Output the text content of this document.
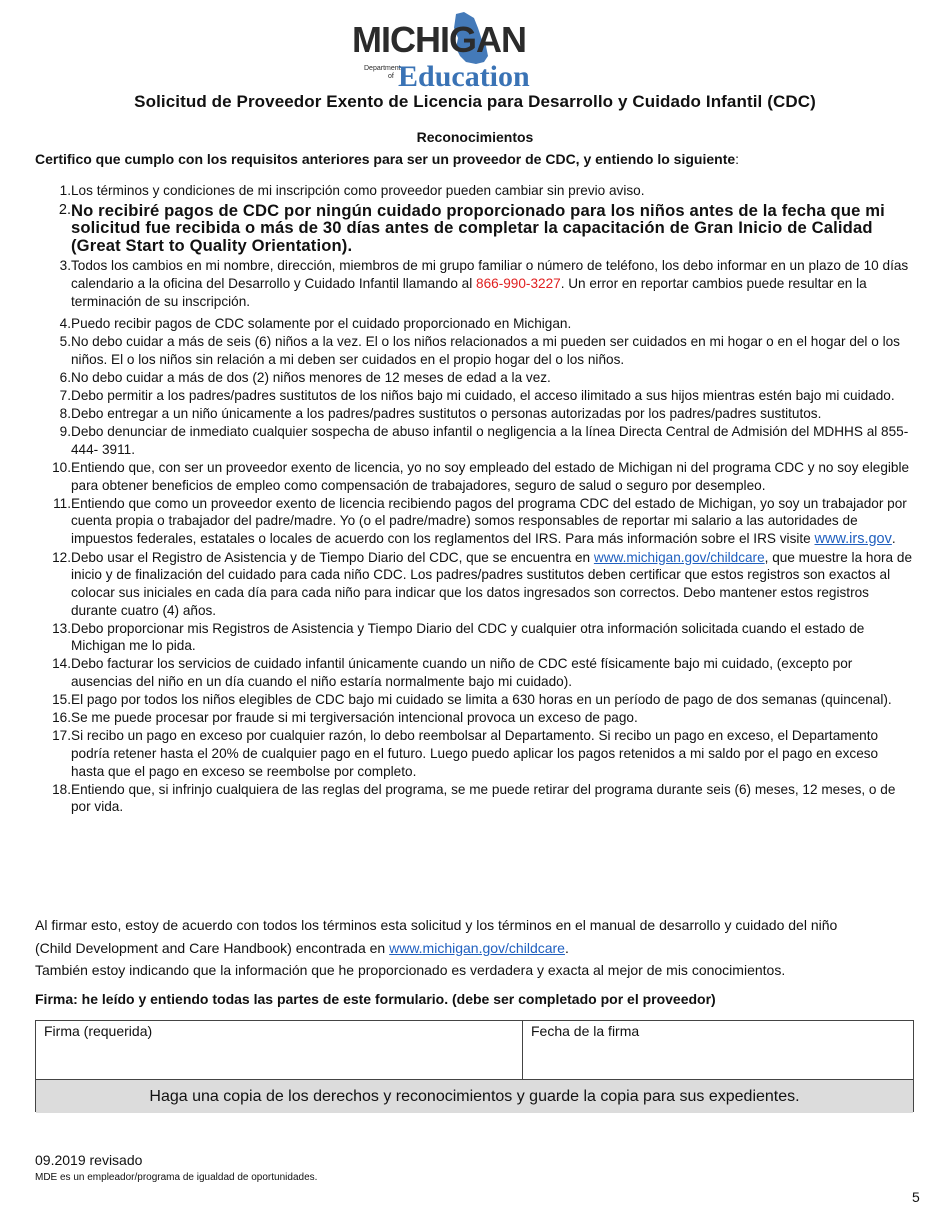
MICHIGAN
Department
of Education
Solicitud de Proveedor Exento de Licencia para Desarrollo y Cuidado Infantil (CDC)
Reconocimientos
Certifico que cumplo con los requisitos anteriores para ser un proveedor de CDC, y entiendo lo siguiente:
1. Los términos y condiciones de mi inscripción como proveedor pueden cambiar sin previo aviso.
2. No recibiré pagos de CDC por ningún cuidado proporcionado para los niños antes de la fecha que mi solicitud fue recibida o más de 30 días antes de completar la capacitación de Gran Inicio de Calidad (Great Start to Quality Orientation).
3. Todos los cambios en mi nombre, dirección, miembros de mi grupo familiar o número de teléfono, los debo informar en un plazo de 10 días calendario a la oficina del Desarrollo y Cuidado Infantil llamando al 866-990-3227. Un error en reportar cambios puede resultar en la terminación de su inscripción.
4. Puedo recibir pagos de CDC solamente por el cuidado proporcionado en Michigan.
5. No debo cuidar a más de seis (6) niños a la vez. El o los niños relacionados a mi pueden ser cuidados en mi hogar o en el hogar del o los niños. El o los niños sin relación a mi deben ser cuidados en el propio hogar del o los niños.
6. No debo cuidar a más de dos (2) niños menores de 12 meses de edad a la vez.
7. Debo permitir a los padres/padres sustitutos de los niños bajo mi cuidado, el acceso ilimitado a sus hijos mientras estén bajo mi cuidado.
8. Debo entregar a un niño únicamente a los padres/padres sustitutos o personas autorizadas por los padres/padres sustitutos.
9. Debo denunciar de inmediato cualquier sospecha de abuso infantil o negligencia a la línea Directa Central de Admisión del MDHHS al 855-444- 3911.
10. Entiendo que, con ser un proveedor exento de licencia, yo no soy empleado del estado de Michigan ni del programa CDC y no soy elegible para obtener beneficios de empleo como compensación de trabajadores, seguro de salud o seguro por desempleo.
11. Entiendo que como un proveedor exento de licencia recibiendo pagos del programa CDC del estado de Michigan, yo soy un trabajador por cuenta propia o trabajador del padre/madre. Yo (o el padre/madre) somos responsables de reportar mi salario a las autoridades de impuestos federales, estatales o locales de acuerdo con los reglamentos del IRS. Para más información sobre el IRS visite www.irs.gov.
12. Debo usar el Registro de Asistencia y de Tiempo Diario del CDC, que se encuentra en www.michigan.gov/childcare, que muestre la hora de inicio y de finalización del cuidado para cada niño CDC. Los padres/padres sustitutos deben certificar que estos registros son exactos al colocar sus iniciales en cada día para cada niño para indicar que los datos ingresados son correctos. Debo mantener estos registros durante cuatro (4) años.
13. Debo proporcionar mis Registros de Asistencia y Tiempo Diario del CDC y cualquier otra información solicitada cuando el estado de Michigan me lo pida.
14. Debo facturar los servicios de cuidado infantil únicamente cuando un niño de CDC esté físicamente bajo mi cuidado, (excepto por ausencias del niño en un día cuando el niño estaría normalmente bajo mi cuidado).
15. El pago por todos los niños elegibles de CDC bajo mi cuidado se limita a 630 horas en un período de pago de dos semanas (quincenal).
16. Se me puede procesar por fraude si mi tergiversación intencional provoca un exceso de pago.
17. Si recibo un pago en exceso por cualquier razón, lo debo reembolsar al Departamento. Si recibo un pago en exceso, el Departamento podría retener hasta el 20% de cualquier pago en el futuro. Luego puedo aplicar los pagos retenidos a mi saldo por el pago en exceso hasta que el pago en exceso se reembolse por completo.
18. Entiendo que, si infrinjo cualquiera de las reglas del programa, se me puede retirar del programa durante seis (6) meses, 12 meses, o de por vida.
Al firmar esto, estoy de acuerdo con todos los términos esta solicitud y los términos en el manual de desarrollo y cuidado del niño
(Child Development and Care Handbook) encontrada en www.michigan.gov/childcare.
También estoy indicando que la información que he proporcionado es verdadera y exacta al mejor de mis conocimientos.
Firma: he leído y entiendo todas las partes de este formulario. (debe ser completado por el proveedor)
Firma (requerida)	Fecha de la firma
Haga una copia de los derechos y reconocimientos y guarde la copia para sus expedientes.
09.2019 revisado
MDE es un empleador/programa de igualdad de oportunidades.
5
